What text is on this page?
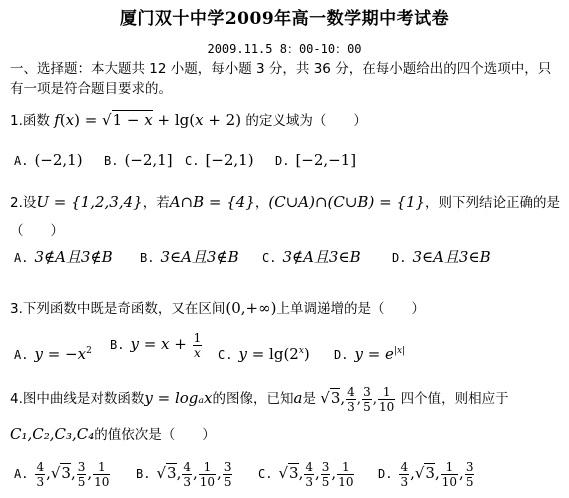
厦门双十中学2009年高一数学期中考试卷
2009.11.5 8：00-10：00
一、选择题：本大题共 12 小题，每小题 3 分，共 36 分，在每小题给出的四个选项中，只
有一项是符合题目要求的。
1.函数 f(x) = √1 − x + lg(x + 2) 的定义域为（　　）
A. (−2,1) B. (−2,1] C. [−2,1) D. [−2,−1]
2.设U = {1,2,3,4}，若A∩B = {4}，(C∪A)∩(C∪B) = {1}，则下列结论正确的是
（　　）
A. 3∉A且3∉B B. 3∈A且3∉B C. 3∉A且3∈B	D. 3∈A且3∈B
3.下列函数中既是奇函数，又在区间(0,+∞)上单调递增的是（　　）
A. $y = -x^2$ B. $y = x + \frac{1}{x} C$. $y = \lg(2^x)$ D. $y = e^{|x|}$
4.图中曲线是对数函数y = logₐx的图像，已知a是 √3, $\frac{4}{3}$ , $\frac{3}{5}$ , $\frac{1}{10}$ 四个值，则相应于
C₁,C₂,C₃,C₄的值依次是（　　）
A. $\frac{4}{3} ,√3$, $\frac{3}{5}$ , $\frac{1}{10} B$. √3, $\frac{4}{3}$ , $\frac{1}{10}$ , $\frac{3}{5} C$. √3, $\frac{4}{3}$ , $\frac{3}{5}$ , $\frac{1}{10} D$. $\frac{4}{3} ,√3$, $\frac{1}{10}$ , $\frac{3}{5}$
